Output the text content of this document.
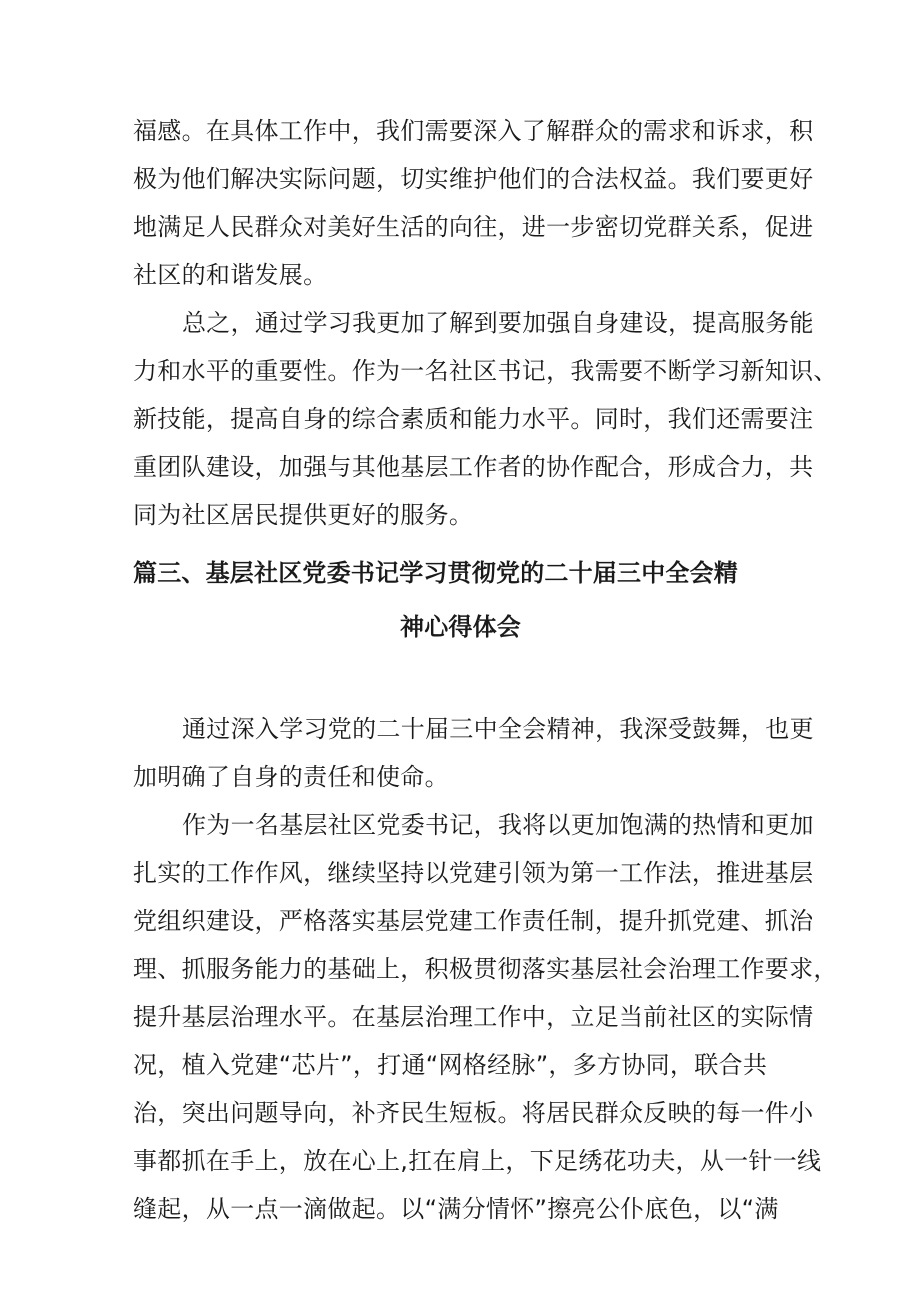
福感。在具体工作中，我们需要深入了解群众的需求和诉求，积
极为他们解决实际问题，切实维护他们的合法权益。我们要更好
地满足人民群众对美好生活的向往，进一步密切党群关系，促进
社区的和谐发展。
总之，通过学习我更加了解到要加强自身建设，提高服务能
力和水平的重要性。作为一名社区书记，我需要不断学习新知识、
新技能，提高自身的综合素质和能力水平。同时，我们还需要注
重团队建设，加强与其他基层工作者的协作配合，形成合力，共
同为社区居民提供更好的服务。
篇三、基层社区党委书记学习贯彻党的二十届三中全会精
神心得体会
通过深入学习党的二十届三中全会精神，我深受鼓舞，也更
加明确了自身的责任和使命。
作为一名基层社区党委书记，我将以更加饱满的热情和更加
扎实的工作作风，继续坚持以党建引领为第一工作法，推进基层
党组织建设，严格落实基层党建工作责任制，提升抓党建、抓治
理、抓服务能力的基础上，积极贯彻落实基层社会治理工作要求，
提升基层治理水平。在基层治理工作中，立足当前社区的实际情
况，植入党建“芯片”，打通“网格经脉”，多方协同，联合共
治，突出问题导向，补齐民生短板。将居民群众反映的每一件小
事都抓在手上，放在心上,扛在肩上，下足绣花功夫，从一针一线
缝起，从一点一滴做起。以“满分情怀”擦亮公仆底色，以“满
